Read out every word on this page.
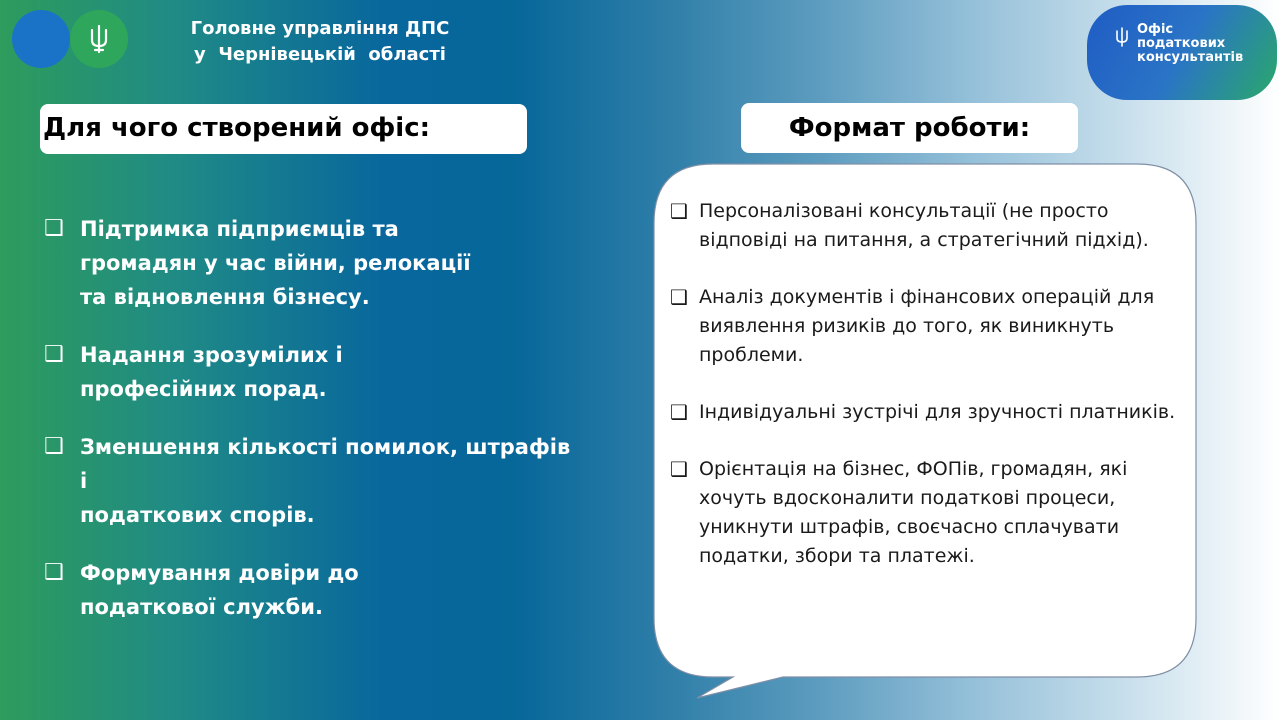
Головне управління ДПС
у  Чернівецькій  області
Офіс
податкових
консультантів
Для чого створений офіс:
❑ Підтримка підприємців та
громадян у час війни, релокації
та відновлення бізнесу.
❑ Надання зрозумілих і
професійних порад.
❑ Зменшення кількості помилок, штрафів і
податкових спорів.
❑ Формування довіри до
податкової служби.
Формат роботи:
❑ Персоналізовані консультації (не просто
відповіді на питання, а стратегічний підхід).
❑ Аналіз документів і фінансових операцій для
виявлення ризиків до того, як виникнуть
проблеми.
❑ Індивідуальні зустрічі для зручності платників.
❑ Орієнтація на бізнес, ФОПів, громадян, які
хочуть вдосконалити податкові процеси,
уникнути штрафів, своєчасно сплачувати
податки, збори та платежі.
